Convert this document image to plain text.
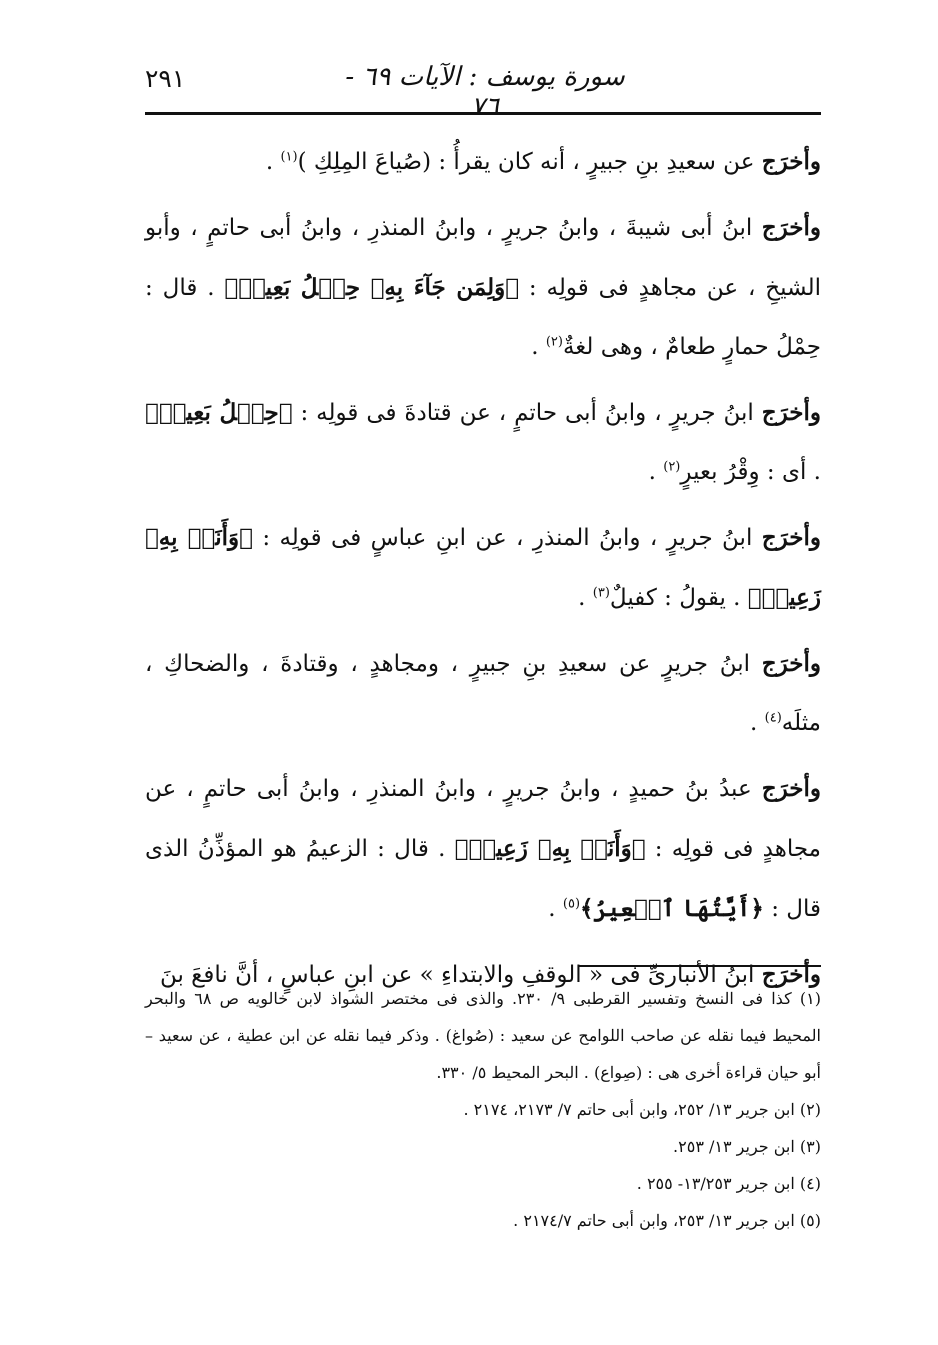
٢٩١	سورة يوسف : الآيات ٦٩ - ٧٦

وأخرَج عن سعيدِ بنِ جبيرٍ ، أنه كان يقرأُ : (صُياعَ المِلِكِ )$^{(١)}$ .

وأخرَج ابنُ أبى شيبةَ ، وابنُ جريرٍ ، وابنُ المنذرِ ، وابنُ أبى حاتمٍ ، وأبو الشيخِ ، عن مجاهدٍ فى قولِه : ﴿وَلِمَن جَآءَ بِهِۦ حِمۡلُ بَعِيرٖ﴾ . قال : حِمْلُ حمارٍ طعامٌ ، وهى لغةٌ$^{(٢)}$ .

وأخرَج ابنُ جريرٍ ، وابنُ أبى حاتمٍ ، عن قتادةَ فى قولِه : ﴿حِمۡلُ بَعِيرٖ﴾ . أى : وِقْرُ بعيرٍ$^{(٢)}$ .

وأخرَج ابنُ جريرٍ ، وابنُ المنذرِ ، عن ابنِ عباسٍ فى قولِه : ﴿وَأَنَا۠ بِهِۦ زَعِيمٞ﴾ . يقولُ : كفيلٌ$^{(٣)}$ .

وأخرَج ابنُ جريرٍ عن سعيدِ بنِ جبيرٍ ، ومجاهدٍ ، وقتادةَ ، والضحاكِ ، مثلَه$^{(٤)}$ .

وأخرَج عبدُ بنُ حميدٍ ، وابنُ جريرٍ ، وابنُ المنذرِ ، وابنُ أبى حاتمٍ ، عن مجاهدٍ فى قولِه : ﴿وَأَنَا۠ بِهِۦ زَعِيمٞ﴾ . قال : الزعيمُ هو المؤذِّنُ الذى قال : ﴿أَيَّتُهَا ٱلۡعِيرُ﴾$^{(٥)}$ .

وأخرَج ابنُ الأنبارىِّ فى « الوقفِ والابتداءِ » عن ابنِ عباسٍ ، أنَّ نافعَ بنَ

(١) كذا فى النسخ وتفسير القرطبى ٩/ ٢٣٠. والذى فى مختصر الشواذ لابن خالويه ص ٦٨ والبحر المحيط فيما نقله عن صاحب اللوامح عن سعيد : (صُواغ) . وذكر فيما نقله عن ابن عطية ، عن سعيد – أبو حيان قراءة أخرى هى : (صِواع) . البحر المحيط ٥/ ٣٣٠.

(٢) ابن جرير ١٣/ ٢٥٢، وابن أبى حاتم ٧/ ٢١٧٣، ٢١٧٤ .

(٣) ابن جرير ١٣/ ٢٥٣.

(٤) ابن جرير ١٣/٢٥٣- ٢٥٥ .

(٥) ابن جرير ١٣/ ٢٥٣، وابن أبى حاتم ٢١٧٤/٧ .
